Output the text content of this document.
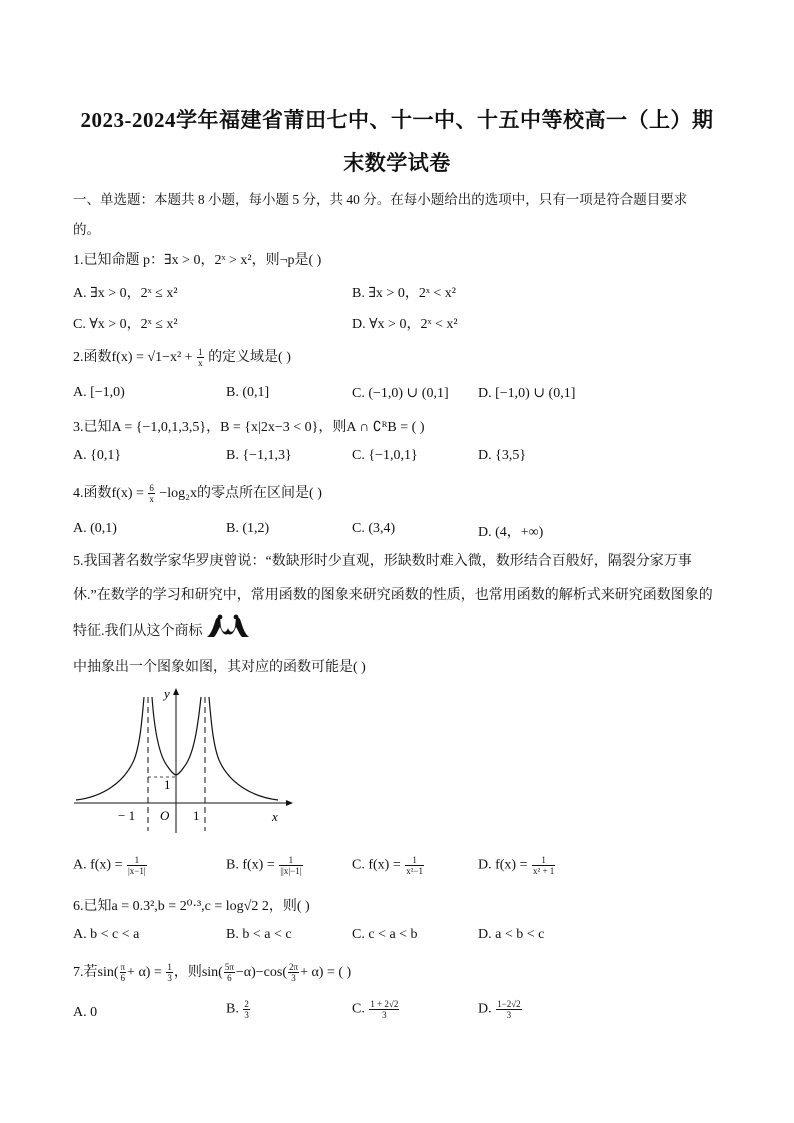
2023-2024学年福建省莆田七中、十一中、十五中等校高一（上）期
末数学试卷
一、单选题：本题共 8 小题，每小题 5 分，共 40 分。在每小题给出的选项中，只有一项是符合题目要求
的。
1.已知命题 p：∃x > 0，2ˣ > x²，则¬p是( )
A. ∃x > 0，2ˣ ≤ x²	B. ∃x > 0，2ˣ < x²
C. ∀x > 0，2ˣ ≤ x²	D. ∀x > 0，2ˣ < x²
2.函数$f(x) = √1-x^2 + \frac{1}{x}$ 的定义域是( )
A. [−1,0)	B. (0,1]	C. (−1,0) ∪ (0,1] D. [−1,0) ∪ (0,1]
3.已知A = {−1,0,1,3,5}，B = {x|2x−3 < 0}，则A ∩ ∁ᴿB = ( )
A. {0,1}	B. {−1,1,3}	C. {−1,0,1}	D. {3,5}
4.函数$f(x) = \frac{6}{x} -\log_2x$的零点所在区间是( )
A. (0,1)	B. (1,2)	C. (3,4)	D. (4，+∞)
5.我国著名数学家华罗庚曾说：“数缺形时少直观，形缺数时难入微，数形结合百般好，隔裂分家万事
休.”在数学的学习和研究中，常用函数的图象来研究函数的性质，也常用函数的解析式来研究函数图象的
特征.我们从这个商标
中抽象出一个图象如图，其对应的函数可能是( )
y
x
O
− 1	1
1
A. $f(x) = \frac{1}{|x-1|}$	B. $f(x) = \frac{1}{||x|-1|}$	C. $f(x) = \frac{1}{\text{x²−1}}$	D. $f(x) = \frac{1}{\text{x² + 1}}$
6.已知a = 0.3²,b = 2⁰·³,c = log√2 2，则( )
A. b < c < a	B. b < a < c	C. c < a < b	D. a < b < c
7.若$\sin( \frac{\pi}{6} + \alpha) = \frac{1}{3}$ ，则$\sin( \frac{5\pi}{6} -\alpha)-\cos( \frac{2\pi}{3} + \alpha)$ = ( )
A. 0	B. $\frac{2}{3}$	C. $\frac{1 + 2√2}{3}$	D. $\frac{1-2√2}{3}$
